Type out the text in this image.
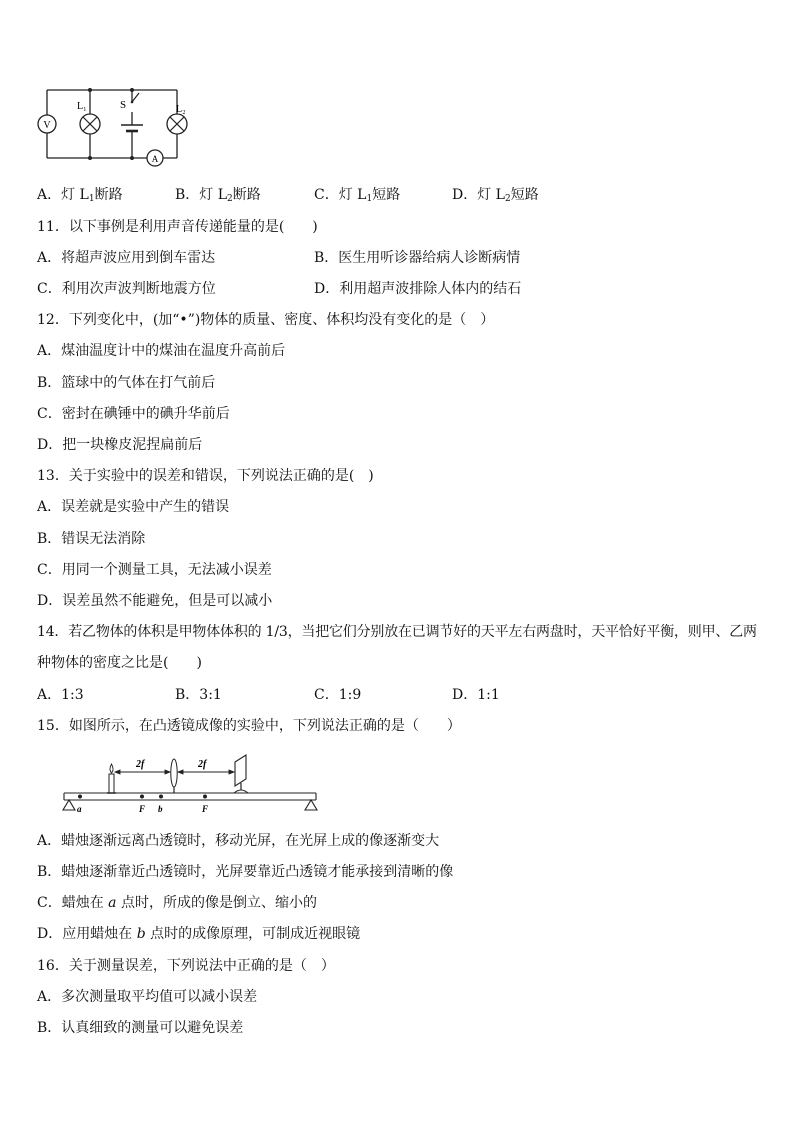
V
L₁	S	L₂
A
A．灯 $L_1$断路	B．灯 $L_2$断路	C．灯 $L_1$短路	D．灯 $L_2$短路
11．以下事例是利用声音传递能量的是(　　)
A．将超声波应用到倒车雷达	B．医生用听诊器给病人诊断病情
C．利用次声波判断地震方位	D．利用超声波排除人体内的结石
12．下列变化中，(加“•”)物体的质量、密度、体积均没有变化的是（　）
A．煤油温度计中的煤油在温度升高前后
B．篮球中的气体在打气前后
C．密封在碘锤中的碘升华前后
D．把一块橡皮泥捏扁前后
13．关于实验中的误差和错误，下列说法正确的是(　)
A．误差就是实验中产生的错误
B．错误无法消除
C．用同一个测量工具，无法减小误差
D．误差虽然不能避免，但是可以减小
14．若乙物体的体积是甲物体体积的 1/3，当把它们分别放在已调节好的天平左右两盘时，天平恰好平衡，则甲、乙两
种物体的密度之比是(　　)
A．1:3	B．3:1	C．1:9	D．1:1
15．如图所示，在凸透镜成像的实验中，下列说法正确的是（　　）
2f	2f
a	F b	F
A．蜡烛逐渐远离凸透镜时，移动光屏，在光屏上成的像逐渐变大
B．蜡烛逐渐靠近凸透镜时，光屏要靠近凸透镜才能承接到清晰的像
C．蜡烛在 a 点时，所成的像是倒立、缩小的
D．应用蜡烛在 b 点时的成像原理，可制成近视眼镜
16．关于测量误差，下列说法中正确的是（　）
A．多次测量取平均值可以减小误差
B．认真细致的测量可以避免误差
